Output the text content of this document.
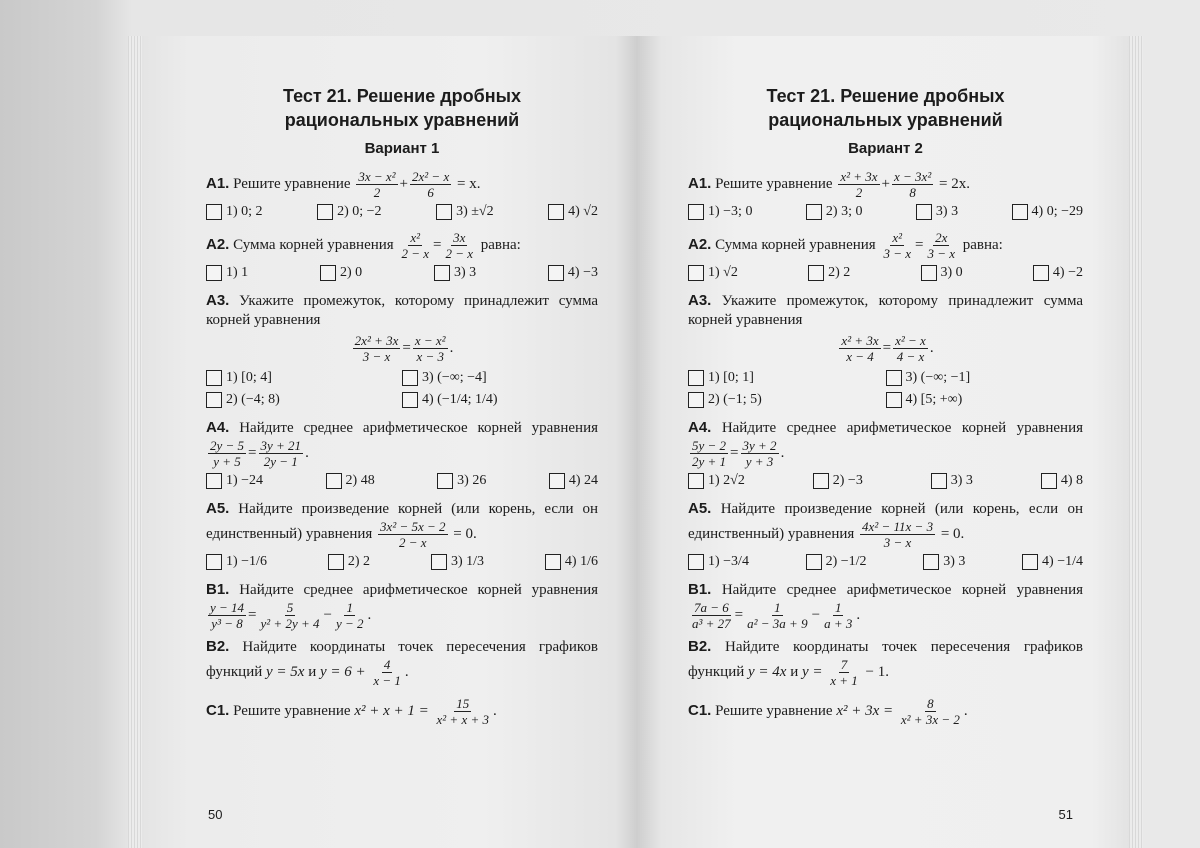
Тест 21. Решение дробных рациональных уравнений
Вариант 1

А1. Решите уравнение $\frac{\text{3x − x²}}{2} + \frac{\text{2x² − x}}{6} = x$.

1) 0; 2	2) 0; −2	3) ±√2	4) √2

А2. Сумма корней уравнения $\frac{\text{x²}}{2 - x} = \frac{3x}{2 - x}$ равна:

1) 1	2) 0	3) 3	4) −3

А3. Укажите промежуток, которому принадлежит сумма корней уравнения

$\frac{\text{2x² + 3x}}{3 - x} = \frac{\text{x − x²}}{x - 3}$ .
1) [0; 4]	3) (−∞; −4]
2) (−4; 8)	4) (−1/4; 1/4)

А4. Найдите среднее арифметическое корней уравнения
$\frac{2y - 5}{y + 5} = \frac{3y + 21}{2y - 1}$ .

1) −24	2) 48	3) 26	4) 24

А5. Найдите произведение корней (или корень, если он единственный) уравнения $\frac{\text{3x² − 5x − 2}}{2 - x} = 0$.

1) −1/6	2) 2	3) 1/3	4) 1/6

В1. Найдите среднее арифметическое корней уравнения
$\frac{y - 14}{\text{y³ − 8}} = \frac{5}{\text{y² + 2y + 4}} - \frac{1}{y - 2}$ .

В2. Найдите координаты точек пересечения графиков функций y = 5x и $y = 6 + \frac{4}{x - 1}$ .

С1. Решите уравнение $x^2 + x + 1 = \frac{15}{\text{x² + x + 3}}$ .

50
Тест 21. Решение дробных рациональных уравнений
Вариант 2

А1. Решите уравнение $\frac{\text{x² + 3x}}{2} + \frac{\text{x − 3x²}}{8} = 2x$.

1) −3; 0	2) 3; 0	3) 3	4) 0; −29

А2. Сумма корней уравнения $\frac{\text{x²}}{3 - x} = \frac{2x}{3 - x}$ равна:

1) √2	2) 2	3) 0	4) −2

А3. Укажите промежуток, которому принадлежит сумма корней уравнения

$\frac{\text{x² + 3x}}{x - 4} = \frac{\text{x² − x}}{4 - x}$ .
1) [0; 1]	3) (−∞; −1]
2) (−1; 5)	4) [5; +∞)

А4. Найдите среднее арифметическое корней уравнения
$\frac{5y - 2}{2y + 1} = \frac{3y + 2}{y + 3}$ .

1) 2√2	2) −3	3) 3	4) 8

А5. Найдите произведение корней (или корень, если он единственный) уравнения $\frac{\text{4x² − 11x − 3}}{3 - x} = 0$.

1) −3/4	2) −1/2	3) 3	4) −1/4

В1. Найдите среднее арифметическое корней уравнения
$\frac{7a - 6}{\text{a³ + 27}} = \frac{1}{\text{a² − 3a + 9}} - \frac{1}{a + 3}$ .

В2. Найдите координаты точек пересечения графиков функций y = 4x и $y = \frac{7}{x + 1} - 1$.

С1. Решите уравнение $x^2 + 3x = \frac{8}{\text{x² + 3x − 2}}$ .

51
